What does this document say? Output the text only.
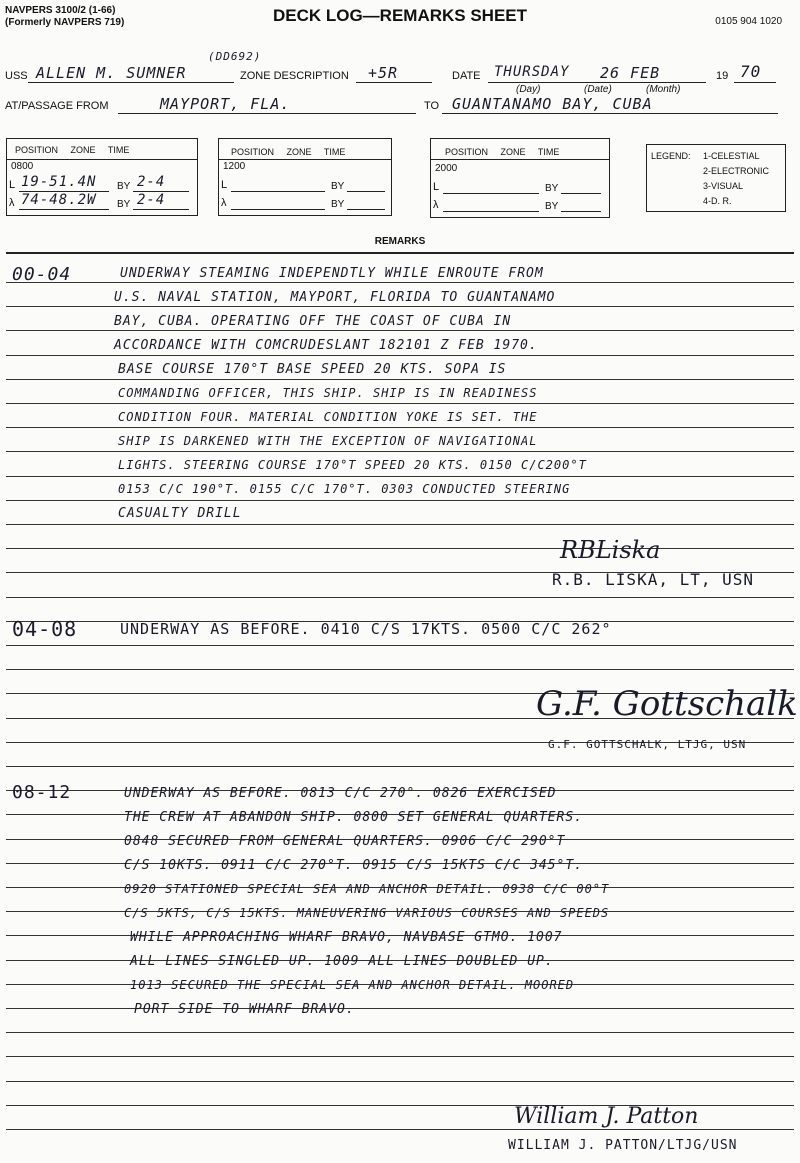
NAVPERS 3100/2 (1-66)
(Formerly NAVPERS 719)	DECK LOG—REMARKS SHEET	0105 904 1020
USS ALLEN M. SUMNER
(DD692)
ZONE DESCRIPTION +5R	DATE THURSDAY 26 FEB	19 70
(Day)	(Date)	(Month)
AT/PASSAGE FROM	MAYPORT, FLA.	TO GUANTANAMO BAY, CUBA
POSITION     ZONE     TIME
0800
L 19-51.4N BY 2-4
λ 74-48.2W BY 2-4
POSITION     ZONE     TIME
1200
L	BY
λ	BY
POSITION     ZONE     TIME
2000
L	BY
λ	BY
LEGEND: 1-CELESTIAL
2-ELECTRONIC
3-VISUAL
4-D. R.
REMARKS
00-04	UNDERWAY STEAMING INDEPENDTLY WHILE ENROUTE FROM
U.S. NAVAL STATION, MAYPORT, FLORIDA TO GUANTANAMO
BAY, CUBA. OPERATING OFF THE COAST OF CUBA IN
ACCORDANCE WITH COMCRUDESLANT 182101 Z FEB 1970.
BASE COURSE 170°T BASE SPEED 20 KTS. SOPA IS
COMMANDING OFFICER, THIS SHIP. SHIP IS IN READINESS
CONDITION FOUR. MATERIAL CONDITION YOKE IS SET. THE
SHIP IS DARKENED WITH THE EXCEPTION OF NAVIGATIONAL
LIGHTS. STEERING COURSE 170°T SPEED 20 KTS. 0150 C/C200°T
0153 C/C 190°T. 0155 C/C 170°T. 0303 CONDUCTED STEERING
CASUALTY DRILL
RBLiska
R.B. LISKA, LT, USN
04-08	UNDERWAY AS BEFORE. 0410 C/S 17KTS. 0500 C/C 262°
G.F. Gottschalk
G.F. GOTTSCHALK, LTJG, USN
08-12	UNDERWAY AS BEFORE. 0813 C/C 270°. 0826 EXERCISED
THE CREW AT ABANDON SHIP. 0800 SET GENERAL QUARTERS.
0848 SECURED FROM GENERAL QUARTERS. 0906 C/C 290°T
C/S 10KTS. 0911 C/C 270°T. 0915 C/S 15KTS C/C 345°T.
0920 STATIONED SPECIAL SEA AND ANCHOR DETAIL. 0938 C/C 00°T
C/S 5KTS, C/S 15KTS. MANEUVERING VARIOUS COURSES AND SPEEDS
WHILE APPROACHING WHARF BRAVO, NAVBASE GTMO. 1007
ALL LINES SINGLED UP. 1009 ALL LINES DOUBLED UP.
1013 SECURED THE SPECIAL SEA AND ANCHOR DETAIL. MOORED
PORT SIDE TO WHARF BRAVO.
William J. Patton
WILLIAM J. PATTON/LTJG/USN
